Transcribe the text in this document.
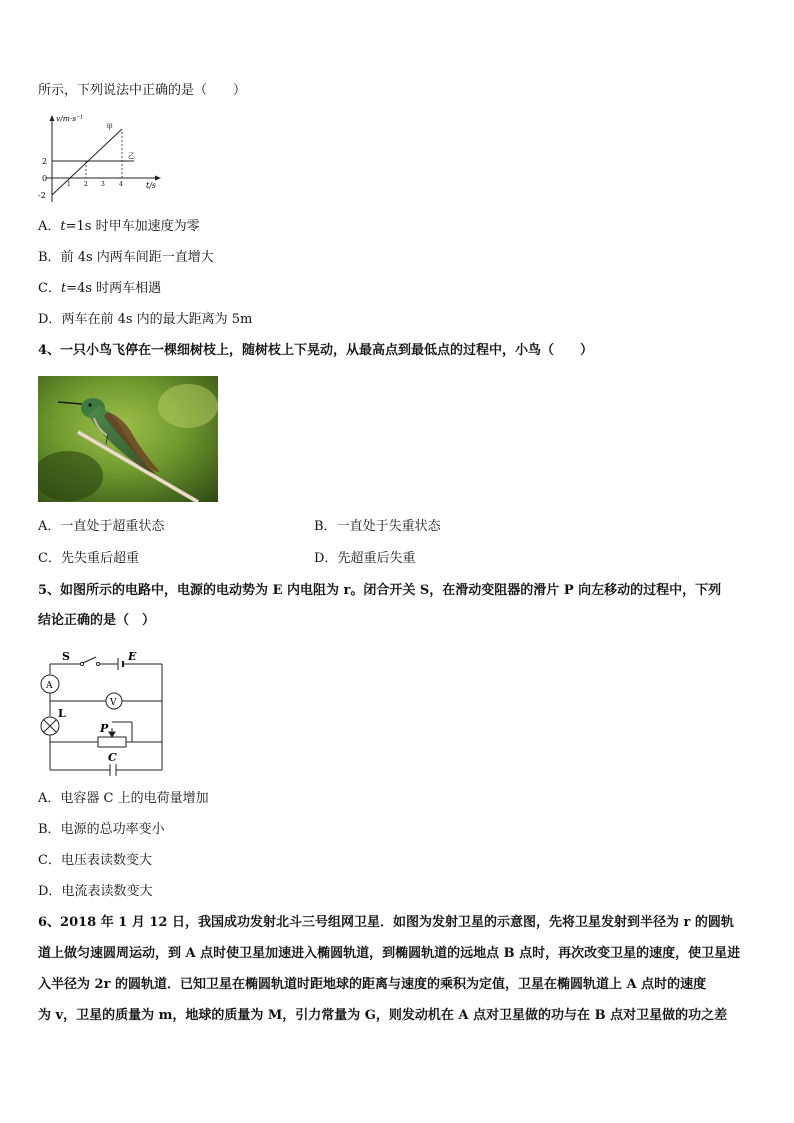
所示，下列说法中正确的是（　　）
v/m·s⁻¹
t/s
2
0
-2
1 2 3 4
甲
乙
A．t=1s 时甲车加速度为零
B．前 4s 内两车间距一直增大
C．t=4s 时两车相遇
D．两车在前 4s 内的最大距离为 5m
4、一只小鸟飞停在一棵细树枝上，随树枝上下晃动，从最高点到最低点的过程中，小鸟（　　）
A．一直处于超重状态	B．一直处于失重状态
C．先失重后超重	D．先超重后失重
5、如图所示的电路中，电源的电动势为 E 内电阻为 r。闭合开关 S，在滑动变阻器的滑片 P 向左移动的过程中，下列
结论正确的是（　）
S	E
A
V
L
P
C
A．电容器 C 上的电荷量增加
B．电源的总功率变小
C．电压表读数变大
D．电流表读数变大
6、2018 年 1 月 12 日，我国成功发射北斗三号组网卫星．如图为发射卫星的示意图，先将卫星发射到半径为 r 的圆轨
道上做匀速圆周运动，到 A 点时使卫星加速进入椭圆轨道，到椭圆轨道的远地点 B 点时，再次改变卫星的速度，使卫星进
入半径为 2r 的圆轨道．已知卫星在椭圆轨道时距地球的距离与速度的乘积为定值，卫星在椭圆轨道上 A 点时的速度
为 v，卫星的质量为 m，地球的质量为 M，引力常量为 G，则发动机在 A 点对卫星做的功与在 B 点对卫星做的功之差
